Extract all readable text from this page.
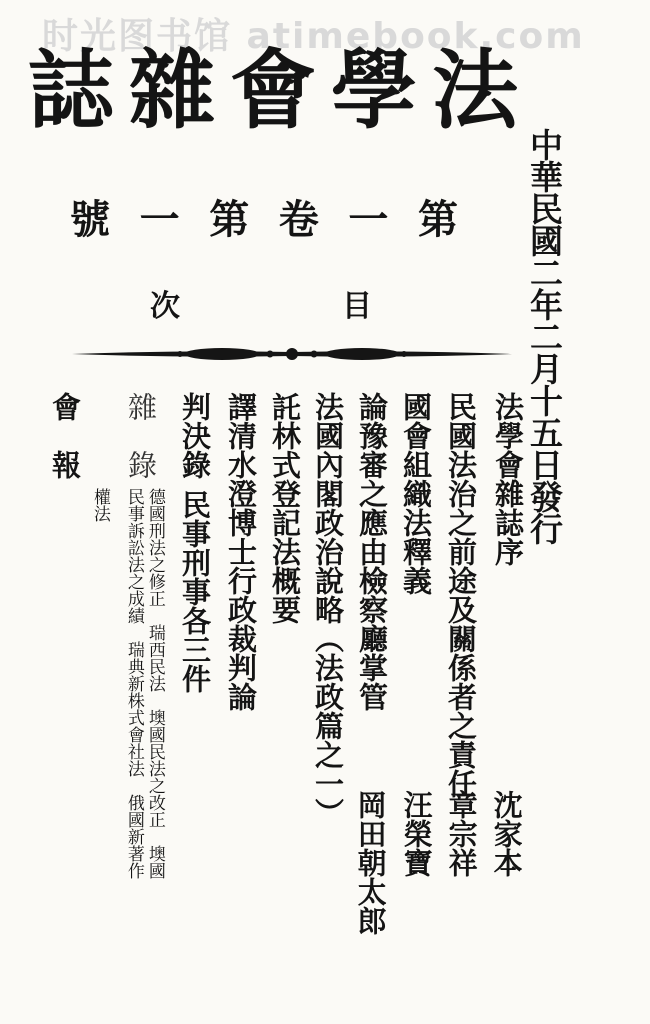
时光图书馆 atimebook.com
法
學
會
雜
誌
中華民國二年二月十五日發行
第
一
卷
第
一
號
目
次
法學會雜誌序
沈家本
民國法治之前途及關係者之責任
章宗祥
國會組織法釋義
汪榮寶
論豫審之應由檢察廳掌管
岡田朝太郎
法國內閣政治說略（法政篇之一）
託林式登記法概要
譯清水澄博士行政裁判論
判決錄
民事刑事各三件
雜　錄
德國刑法之修正　瑞西民法　墺國民法之改正　墺國
民事訴訟法之成績　瑞典新株式會社法　俄國新著作
權法
會　報
